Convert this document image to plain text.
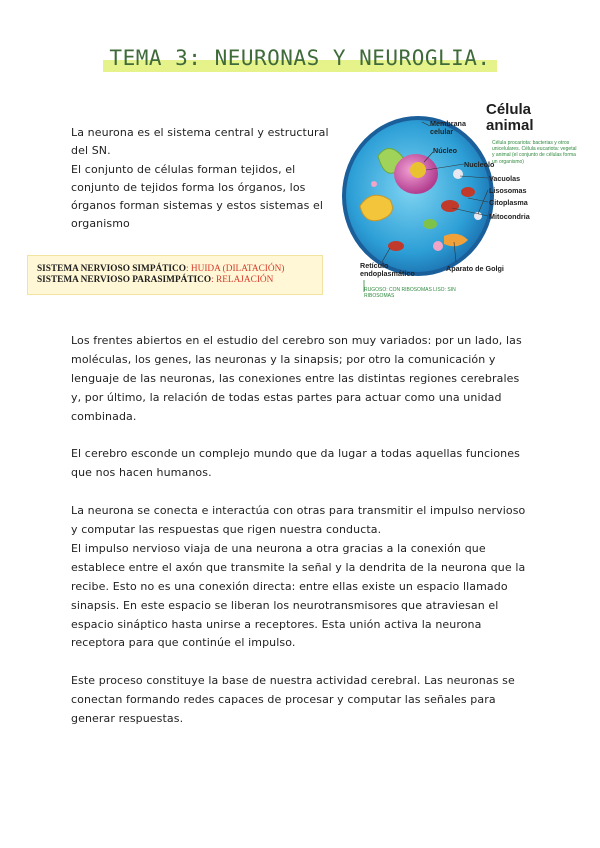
TEMA 3: NEURONAS Y NEUROGLIA.

La neurona es el sistema central y estructural del SN.

El conjunto de células forman tejidos, el conjunto de tejidos forma los órganos, los órganos forman sistemas y estos sistemas el organismo

SISTEMA NERVIOSO SIMPÁTICO: HUIDA (DILATACIÓN)
SISTEMA NERVIOSO PARASIMPÁTICO: RELAJACIÓN
Célula
animal
Célula procariota: bacterias y otros unicelulares. Célula eucariota: vegetal y animal (el conjunto de células forma un organismo)
Membrana celular
Núcleo
Nucleolo
Vacuolas
Lisosomas
Citoplasma
Mitocondria
Retículo endoplasmático
Aparato de Golgi
RUGOSO: CON RIBOSOMAS LISO: SIN RIBOSOMAS

Los frentes abiertos en el estudio del cerebro son muy variados: por un lado, las moléculas, los genes, las neuronas y la sinapsis; por otro la comunicación y lenguaje de las neuronas, las conexiones entre las distintas regiones cerebrales y, por último, la relación de todas estas partes para actuar como una unidad combinada.

El cerebro esconde un complejo mundo que da lugar a todas aquellas funciones que nos hacen humanos.

La neurona se conecta e interactúa con otras para transmitir el impulso nervioso y computar las respuestas que rigen nuestra conducta.

El impulso nervioso viaja de una neurona a otra gracias a la conexión que establece entre el axón que transmite la señal y la dendrita de la neurona que la recibe. Esto no es una conexión directa: entre ellas existe un espacio llamado sinapsis. En este espacio se liberan los neurotransmisores que atraviesan el espacio sináptico hasta unirse a receptores. Esta unión activa la neurona receptora para que continúe el impulso.

Este proceso constituye la base de nuestra actividad cerebral. Las neuronas se conectan formando redes capaces de procesar y computar las señales para generar respuestas.
